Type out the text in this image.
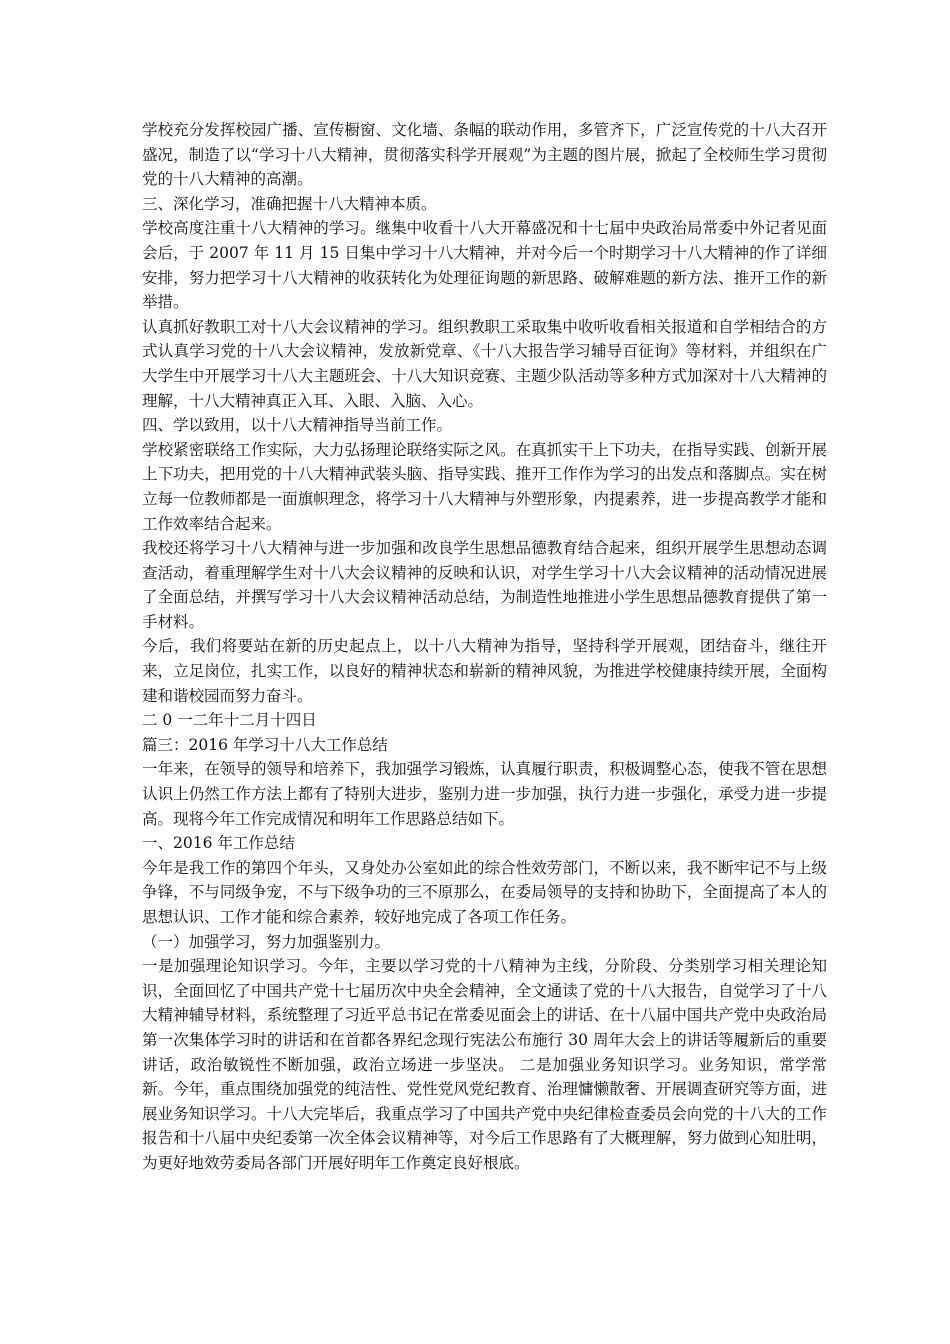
学校充分发挥校园广播、宣传橱窗、文化墙、条幅的联动作用，多管齐下，广泛宣传党的十八大召开盛况，制造了以“学习十八大精神，贯彻落实科学开展观”为主题的图片展，掀起了全校师生学习贯彻党的十八大精神的高潮。

三、深化学习，准确把握十八大精神本质。

学校高度注重十八大精神的学习。继集中收看十八大开幕盛况和十七届中央政治局常委中外记者见面会后，于 2007 年 11 月 15 日集中学习十八大精神，并对今后一个时期学习十八大精神的作了详细安排，努力把学习十八大精神的收获转化为处理征询题的新思路、破解难题的新方法、推开工作的新举措。

认真抓好教职工对十八大会议精神的学习。组织教职工采取集中收听收看相关报道和自学相结合的方式认真学习党的十八大会议精神，发放新党章、《十八大报告学习辅导百征询》等材料，并组织在广大学生中开展学习十八大主题班会、十八大知识竞赛、主题少队活动等多种方式加深对十八大精神的理解，十八大精神真正入耳、入眼、入脑、入心。

四、学以致用，以十八大精神指导当前工作。

学校紧密联络工作实际，大力弘扬理论联络实际之风。在真抓实干上下功夫，在指导实践、创新开展上下功夫，把用党的十八大精神武装头脑、指导实践、推开工作作为学习的出发点和落脚点。实在树立每一位教师都是一面旗帜理念，将学习十八大精神与外塑形象，内提素养，进一步提高教学才能和工作效率结合起来。

我校还将学习十八大精神与进一步加强和改良学生思想品德教育结合起来，组织开展学生思想动态调查活动，着重理解学生对十八大会议精神的反映和认识，对学生学习十八大会议精神的活动情况进展了全面总结，并撰写学习十八大会议精神活动总结，为制造性地推进小学生思想品德教育提供了第一手材料。

今后，我们将要站在新的历史起点上，以十八大精神为指导，坚持科学开展观，团结奋斗，继往开来，立足岗位，扎实工作，以良好的精神状态和崭新的精神风貌，为推进学校健康持续开展，全面构建和谐校园而努力奋斗。

二 0 一二年十二月十四日

篇三：2016 年学习十八大工作总结

一年来，在领导的领导和培养下，我加强学习锻炼，认真履行职责，积极调整心态，使我不管在思想认识上仍然工作方法上都有了特别大进步，鉴别力进一步加强，执行力进一步强化，承受力进一步提高。现将今年工作完成情况和明年工作思路总结如下。

一、2016 年工作总结

今年是我工作的第四个年头，又身处办公室如此的综合性效劳部门，不断以来，我不断牢记不与上级争锋，不与同级争宠，不与下级争功的三不原那么，在委局领导的支持和协助下，全面提高了本人的思想认识、工作才能和综合素养，较好地完成了各项工作任务。

（一）加强学习，努力加强鉴别力。

一是加强理论知识学习。今年，主要以学习党的十八精神为主线，分阶段、分类别学习相关理论知识，全面回忆了中国共产党十七届历次中央全会精神，全文通读了党的十八大报告，自觉学习了十八大精神辅导材料，系统整理了习近平总书记在常委见面会上的讲话、在十八届中国共产党中央政治局第一次集体学习时的讲话和在首都各界纪念现行宪法公布施行 30 周年大会上的讲话等履新后的重要讲话，政治敏锐性不断加强，政治立场进一步坚决。 二是加强业务知识学习。业务知识，常学常新。今年，重点围绕加强党的纯洁性、党性党风党纪教育、治理慵懒散奢、开展调查研究等方面，进展业务知识学习。十八大完毕后，我重点学习了中国共产党中央纪律检查委员会向党的十八大的工作报告和十八届中央纪委第一次全体会议精神等，对今后工作思路有了大概理解，努力做到心知肚明，为更好地效劳委局各部门开展好明年工作奠定良好根底。
